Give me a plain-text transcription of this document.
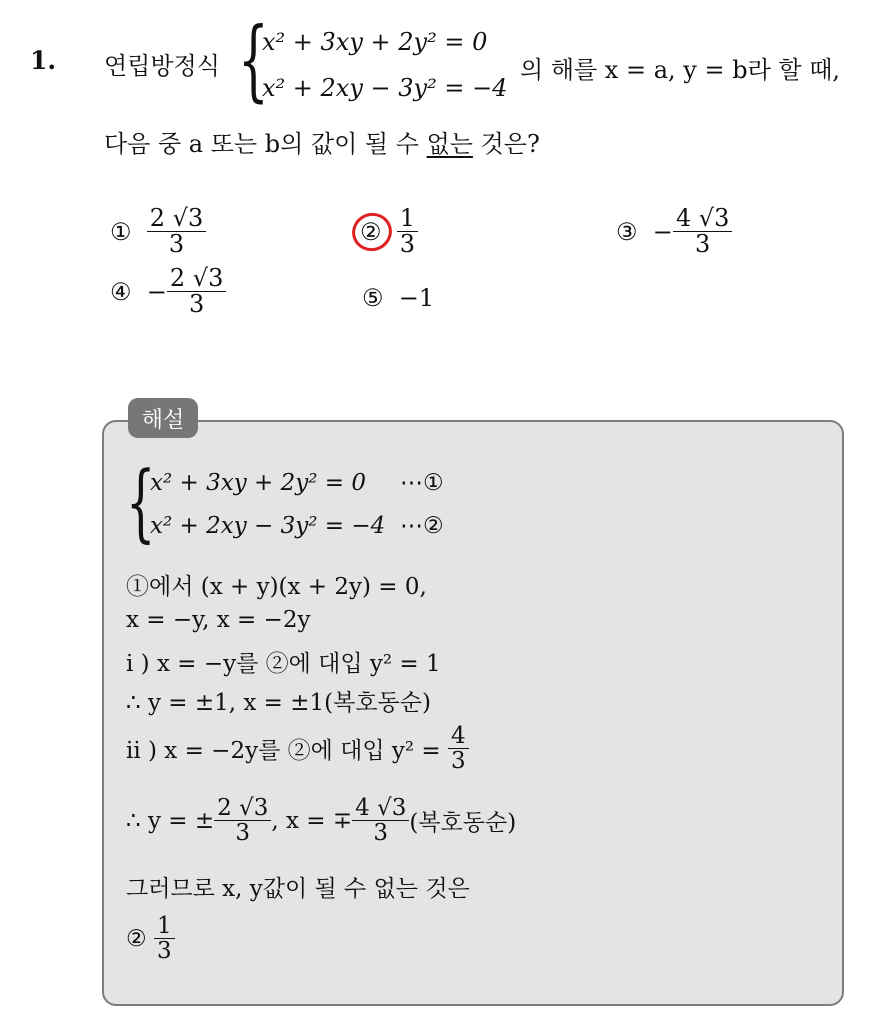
1. 연립방정식 {
x² + 3xy + 2y² = 0
x² + 2xy − 3y² = −4
의 해를 x = a, y = b라 할 때,
다음 중 a 또는 b의 값이 될 수 없는 것은?
①
$\frac{2 √3}{3}$	②
$\frac{1}{3}$	③
− $\frac{4 √3}{3}$
④
− $\frac{2 √3}{3}$	⑤
−1
해설
{
x² + 3xy + 2y² = 0 ⋯①
x² + 2xy − 3y² = −4 ⋯②
①에서 (x + y)(x + 2y) = 0,
x = −y, x = −2y
i ) x = −y를 ②에 대입 y² = 1
∴ y = ±1, x = ±1(복호동순)
ii ) x = −2y를 ②에 대입 y² =
$\frac{4}{3}$
∴ y = ± $\frac{2 √3}{3}$ , x = ∓ $\frac{4 √3}{3}$ (복호동순)
그러므로 x, y값이 될 수 없는 것은
②
$\frac{1}{3}$
